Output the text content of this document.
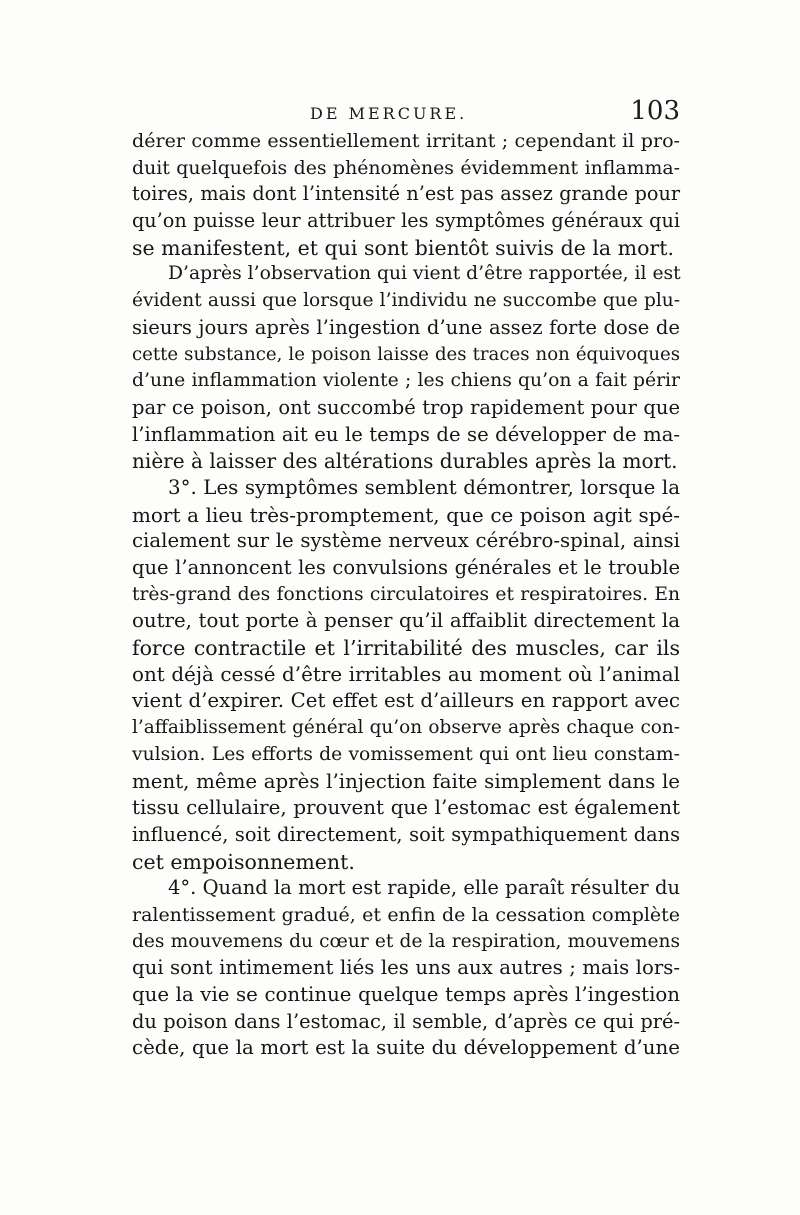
DE MERCURE.	103
dérer comme essentiellement irritant ; cependant il pro-
duit quelquefois des phénomènes évidemment inflamma-
toires, mais dont l’intensité n’est pas assez grande pour
qu’on puisse leur attribuer les symptômes généraux qui
se manifestent, et qui sont bientôt suivis de la mort.
D’après l’observation qui vient d’être rapportée, il est
évident aussi que lorsque l’individu ne succombe que plu-
sieurs jours après l’ingestion d’une assez forte dose de
cette substance, le poison laisse des traces non équivoques
d’une inflammation violente ; les chiens qu’on a fait périr
par ce poison, ont succombé trop rapidement pour que
l’inflammation ait eu le temps de se développer de ma-
nière à laisser des altérations durables après la mort.
3°. Les symptômes semblent démontrer, lorsque la
mort a lieu très-promptement, que ce poison agit spé-
cialement sur le système nerveux cérébro-spinal, ainsi
que l’annoncent les convulsions générales et le trouble
très-grand des fonctions circulatoires et respiratoires. En
outre, tout porte à penser qu’il affaiblit directement la
force contractile et l’irritabilité des muscles, car ils
ont déjà cessé d’être irritables au moment où l’animal
vient d’expirer. Cet effet est d’ailleurs en rapport avec
l’affaiblissement général qu’on observe après chaque con-
vulsion. Les efforts de vomissement qui ont lieu constam-
ment, même après l’injection faite simplement dans le
tissu cellulaire, prouvent que l’estomac est également
influencé, soit directement, soit sympathiquement dans
cet empoisonnement.
4°. Quand la mort est rapide, elle paraît résulter du
ralentissement gradué, et enfin de la cessation complète
des mouvemens du cœur et de la respiration, mouvemens
qui sont intimement liés les uns aux autres ; mais lors-
que la vie se continue quelque temps après l’ingestion
du poison dans l’estomac, il semble, d’après ce qui pré-
cède, que la mort est la suite du développement d’une
